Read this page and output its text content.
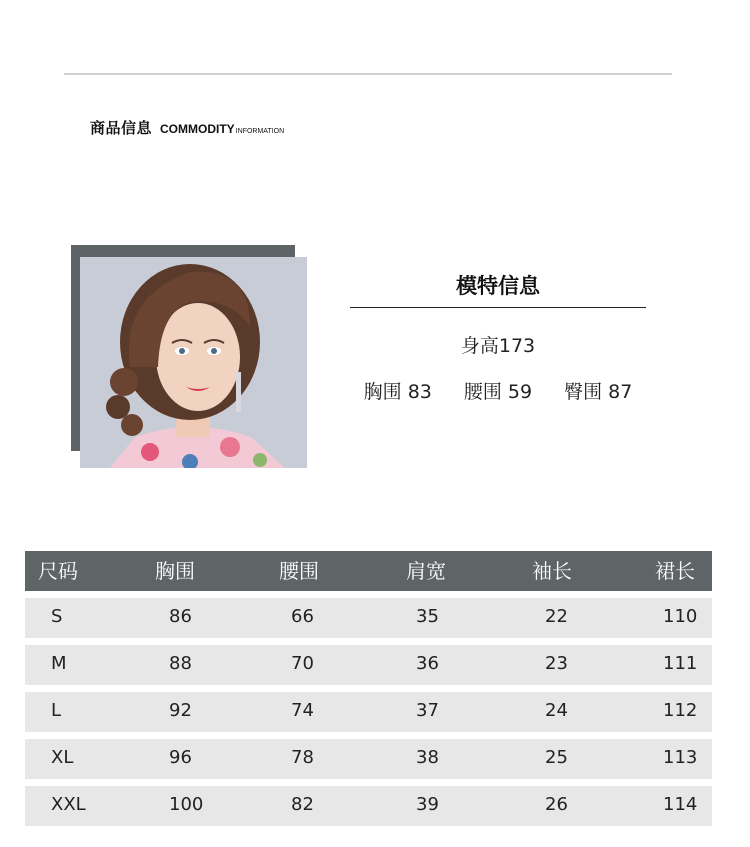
商品信息 COMMODITY INFORMATION
模特信息
身高173
胸围 83 腰围 59 臀围 87
尺码	胸围	腰围	肩宽	袖长	裙长
S	86	66	35	22	110
M	88	70	36	23	111
L	92	74	37	24	112
XL	96	78	38	25	113
XXL	100	82	39	26	114
